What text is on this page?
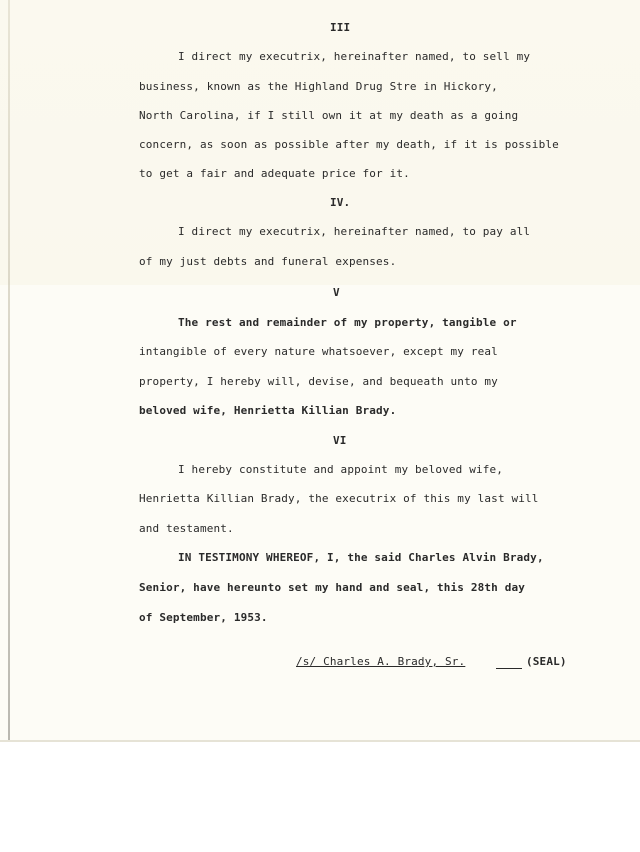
III
I direct my executrix, hereinafter named, to sell my
business, known as the Highland Drug Stre in Hickory,
North Carolina, if I still own it at my death as a going
concern, as soon as possible after my death, if it is possible
to get a fair and adequate price for it.
IV.
I direct my executrix, hereinafter named, to pay all
of my just debts and funeral expenses.
V
The rest and remainder of my property, tangible or
intangible of every nature whatsoever, except my real
property, I hereby will, devise, and bequeath unto my
beloved wife, Henrietta Killian Brady.
VI
I hereby constitute and appoint my beloved wife,
Henrietta Killian Brady, the executrix of this my last will
and testament.
IN TESTIMONY WHEREOF, I, the said Charles Alvin Brady,
Senior, have hereunto set my hand and seal, this 28th day
of September, 1953.
/s/ Charles A. Brady, Sr.	(SEAL)
